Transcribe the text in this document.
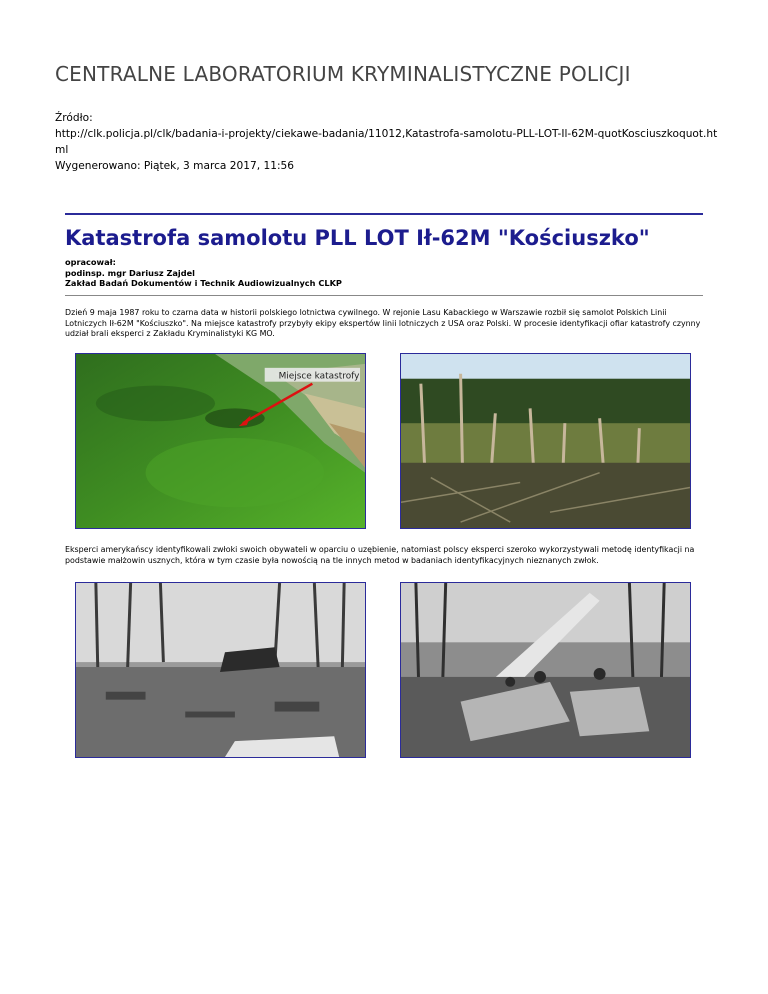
CENTRALNE LABORATORIUM KRYMINALISTYCZNE POLICJI
Źródło:
http://clk.policja.pl/clk/badania-i-projekty/ciekawe-badania/11012,Katastrofa-samolotu-PLL-LOT-Il-62M-quotKosciuszkoquot.html
Wygenerowano: Piątek, 3 marca 2017, 11:56
Katastrofa samolotu PLL LOT Ił-62M "Kościuszko"
opracował:
podinsp. mgr Dariusz Zajdel
Zakład Badań Dokumentów i Technik Audiowizualnych CLKP
Dzień 9 maja 1987 roku to czarna data w historii polskiego lotnictwa cywilnego. W rejonie Lasu Kabackiego w Warszawie rozbił się samolot Polskich Linii Lotniczych Ił-62M "Kościuszko". Na miejsce katastrofy przybyły ekipy ekspertów linii lotniczych z USA oraz Polski. W procesie identyfikacji ofiar katastrofy czynny udział brali eksperci z Zakładu Kryminalistyki KG MO.
Miejsce katastrofy
Eksperci amerykańscy identyfikowali zwłoki swoich obywateli w oparciu o uzębienie, natomiast polscy eksperci szeroko wykorzystywali metodę identyfikacji na podstawie małżowin usznych, która w tym czasie była nowością na tle innych metod w badaniach identyfikacyjnych nieznanych zwłok.
